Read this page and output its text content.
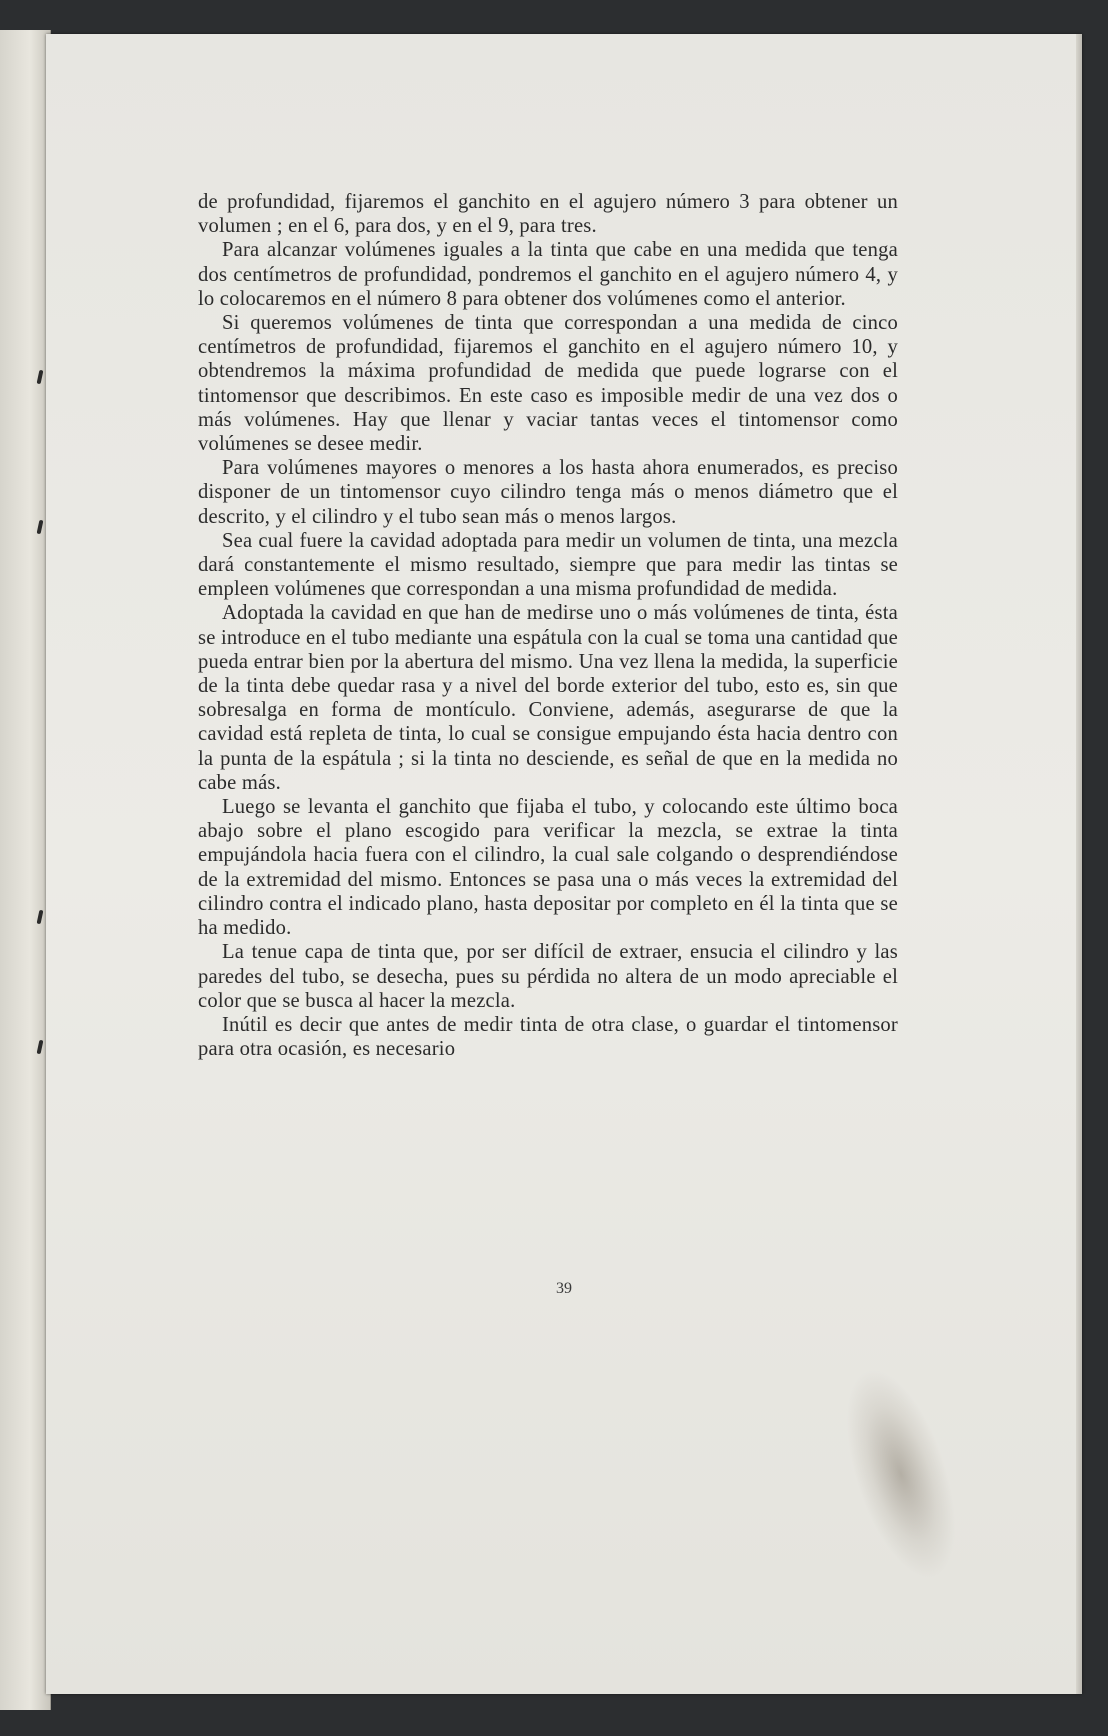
de profundidad, fijaremos el ganchito en el agujero número 3 para obtener un volumen ; en el 6, para dos, y en el 9, para tres.

Para alcanzar volúmenes iguales a la tinta que cabe en una medida que tenga dos centímetros de profundidad, pondremos el ganchito en el agujero número 4, y lo colocaremos en el número 8 para obtener dos volúmenes como el anterior.

Si queremos volúmenes de tinta que correspondan a una medida de cinco centímetros de profundidad, fijaremos el ganchito en el agujero número 10, y obtendremos la máxima profundidad de medida que puede lograrse con el tintomensor que describimos. En este caso es imposible medir de una vez dos o más volúmenes. Hay que llenar y vaciar tantas veces el tintomensor como volúmenes se desee medir.

Para volúmenes mayores o menores a los hasta ahora enumerados, es preciso disponer de un tintomensor cuyo cilindro tenga más o menos diámetro que el descrito, y el cilindro y el tubo sean más o menos largos.

Sea cual fuere la cavidad adoptada para medir un volumen de tinta, una mezcla dará constantemente el mismo resultado, siempre que para medir las tintas se empleen volúmenes que correspondan a una misma profundidad de medida.

Adoptada la cavidad en que han de medirse uno o más volúmenes de tinta, ésta se introduce en el tubo mediante una espátula con la cual se toma una cantidad que pueda entrar bien por la abertura del mismo. Una vez llena la medida, la superficie de la tinta debe quedar rasa y a nivel del borde exterior del tubo, esto es, sin que sobresalga en forma de montículo. Conviene, además, asegurarse de que la cavidad está repleta de tinta, lo cual se consigue empujando ésta hacia dentro con la punta de la espátula ; si la tinta no desciende, es señal de que en la medida no cabe más.

Luego se levanta el ganchito que fijaba el tubo, y colocando este último boca abajo sobre el plano escogido para verificar la mezcla, se extrae la tinta empujándola hacia fuera con el cilindro, la cual sale colgando o desprendiéndose de la extremidad del mismo. Entonces se pasa una o más veces la extremidad del cilindro contra el indicado plano, hasta depositar por completo en él la tinta que se ha medido.

La tenue capa de tinta que, por ser difícil de extraer, ensucia el cilindro y las paredes del tubo, se desecha, pues su pérdida no altera de un modo apreciable el color que se busca al hacer la mezcla.

Inútil es decir que antes de medir tinta de otra clase, o guardar el tintomensor para otra ocasión, es necesario

39
